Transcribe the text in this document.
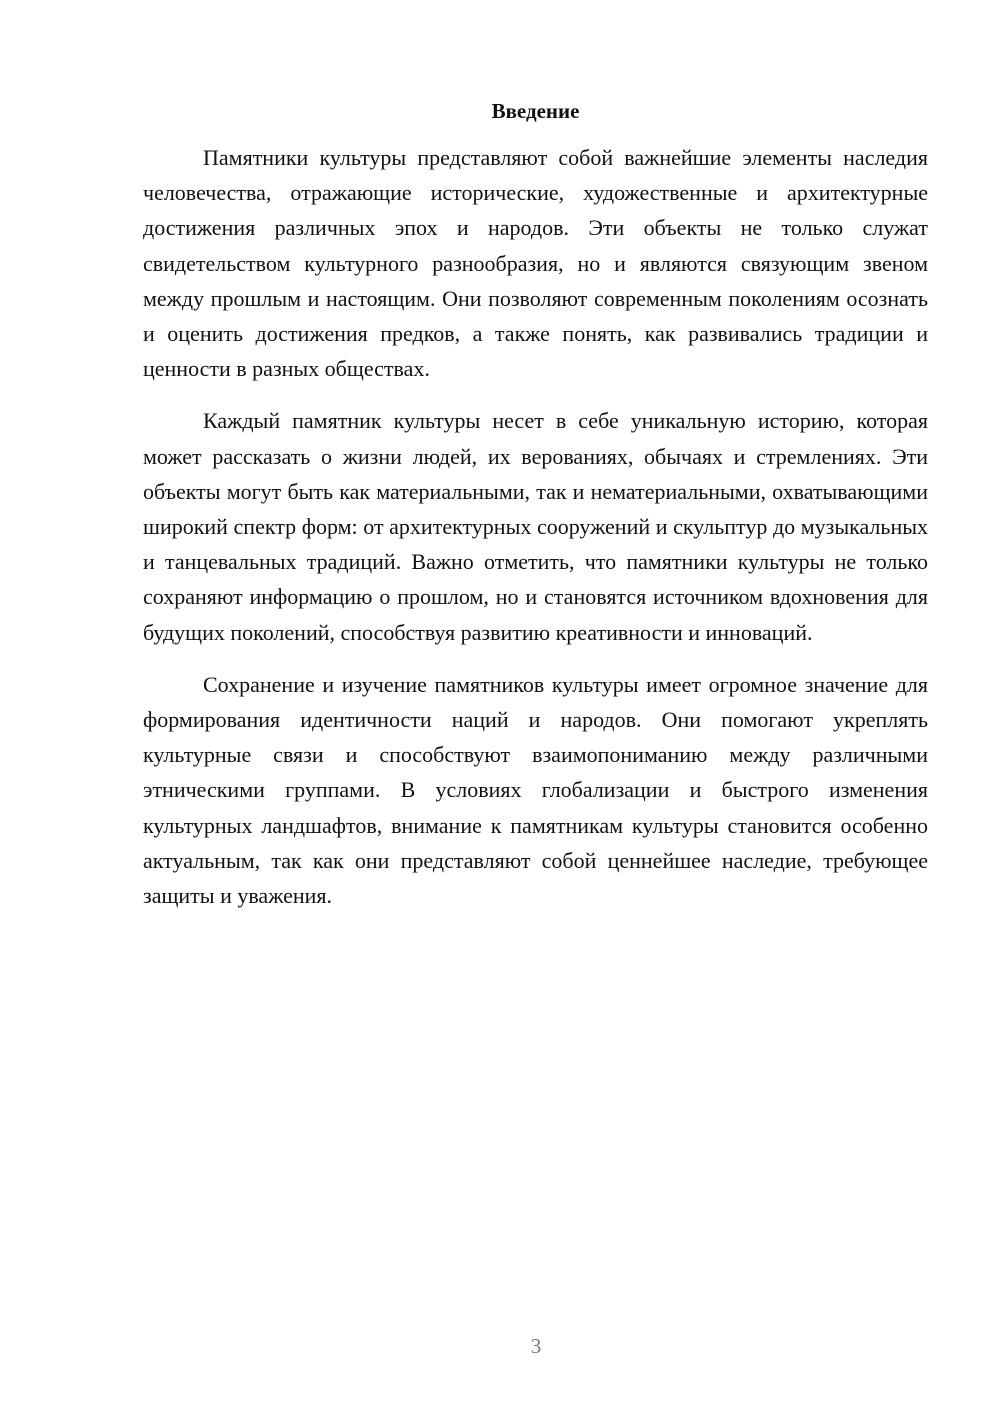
Введение

Памятники культуры представляют собой важнейшие элементы наследия человечества, отражающие исторические, художественные и архитектурные достижения различных эпох и народов. Эти объекты не только служат свидетельством культурного разнообразия, но и являются связующим звеном между прошлым и настоящим. Они позволяют современным поколениям осознать и оценить достижения предков, а также понять, как развивались традиции и ценности в разных обществах.

Каждый памятник культуры несет в себе уникальную историю, которая может рассказать о жизни людей, их верованиях, обычаях и стремлениях. Эти объекты могут быть как материальными, так и нематериальными, охватывающими широкий спектр форм: от архитектурных сооружений и скульптур до музыкальных и танцевальных традиций. Важно отметить, что памятники культуры не только сохраняют информацию о прошлом, но и становятся источником вдохновения для будущих поколений, способствуя развитию креативности и инноваций.

Сохранение и изучение памятников культуры имеет огромное значение для формирования идентичности наций и народов. Они помогают укреплять культурные связи и способствуют взаимопониманию между различными этническими группами. В условиях глобализации и быстрого изменения культурных ландшафтов, внимание к памятникам культуры становится особенно актуальным, так как они представляют собой ценнейшее наследие, требующее защиты и уважения.

3
